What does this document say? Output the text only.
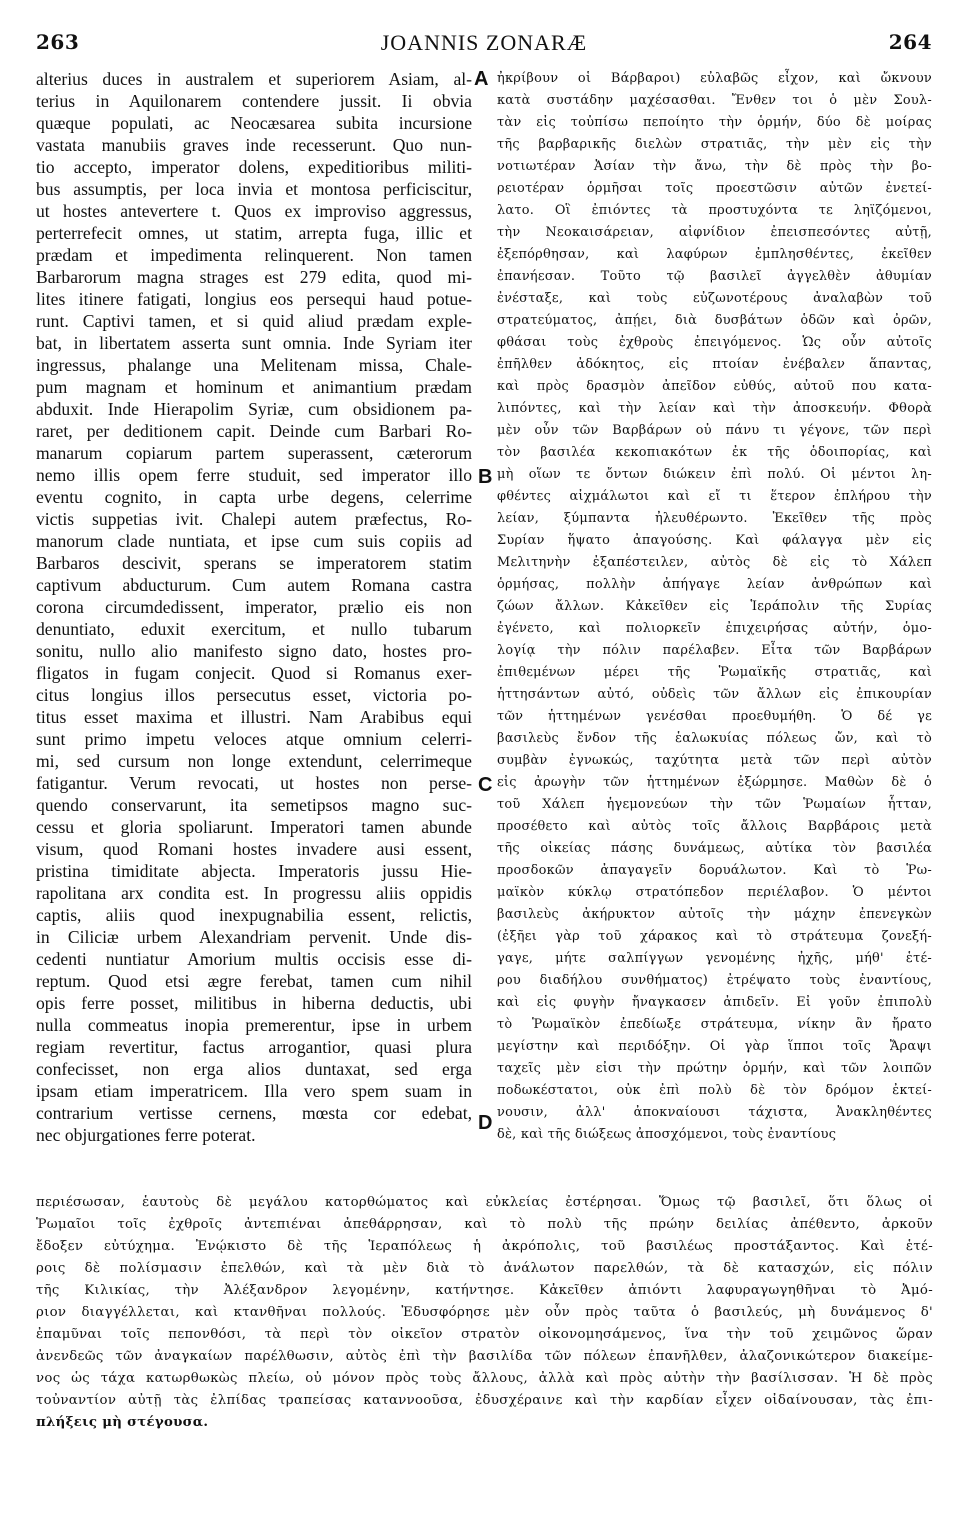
263	JOANNIS ZONARÆ	264
alterius duces in australem et superiorem Asiam, al-
terius in Aquilonarem contendere jussit. Ii obvia
quæque populati, ac Neocæsarea subita incursione
vastata manubiis graves inde recesserunt. Quo nun-
tio accepto, imperator dolens, expeditioribus militi-
bus assumptis, per loca invia et montosa perficiscitur,
ut hostes antevertere t. Quos ex improviso aggressus,
perterrefecit omnes, ut statim, arrepta fuga, illic et
prædam et impedimenta relinquerent. Non tamen
Barbarorum magna strages est 279 edita, quod mi-
lites itinere fatigati, longius eos persequi haud potue-
runt. Captivi tamen, et si quid aliud prædam explе-
bat, in libertatem asserta sunt omnia. Inde Syriam iter
ingressus, phalange una Melitenam missa, Chale-
pum magnam et hominum et animantium prædam
abduxit. Inde Hierapolim Syriæ, cum obsidionem pa-
raret, per deditionem capit. Deinde cum Barbari Ro-
manarum copiarum partem superassent, cæterorum
nemo illis opem ferre studuit, sed imperator illo
eventu cognito, in capta urbe degens, celerrime
victis suppetias ivit. Chalepi autem præfectus, Ro-
manorum clade nuntiata, et ipse cum suis copiis ad
Barbaros descivit, sperans se imperatorem statim
captivum abducturum. Cum autem Romana castra
corona circumdedissent, imperator, prælio eis non
denuntiato, eduxit exercitum, et nullo tubarum
sonitu, nullo alio manifesto signo dato, hostes pro-
fligatos in fugam conjecit. Quod si Romanus exer-
citus longius illos persecutus esset, victoria po-
titus esset maxima et illustri. Nam Arabibus equi
sunt primo impetu veloces atque omnium celerri-
mi, sed cursum non longe extendunt, celerrimeque
fatigantur. Verum revocati, ut hostes non perse-
quendo conservarunt, ita semetipsos magno suc-
cessu et gloria spoliarunt. Imperatori tamen abunde
visum, quod Romani hostes invadere ausi essent,
pristina timiditate abjecta. Imperatoris jussu Hie-
rapolitana arx condita est. In progressu aliis oppidis
captis, aliis quod inexpugnabilia essent, relictis,
in Ciliciæ urbem Alexandriam pervenit. Unde dis-
cedenti nuntiatur Amorium multis occisis esse di-
reptum. Quod etsi ægre ferebat, tamen cum nihil
opis ferre posset, militibus in hiberna deductis, ubi
nulla commeatus inopia premerentur, ipse in urbem
regiam revertitur, factus arrogantior, quasi plura
confecisset, non erga alios duntaxat, sed erga
ipsam etiam imperatricem. Illa vero spem suam in
contrarium vertisse cernens, mœsta cor edebat,
nec objurgationes ferre poterat.
ἠκρίβουν οἱ Βάρβαροι) εὐλαβῶς εἶχον, καὶ ὤκνουν
κατὰ συστάδην μαχέσασθαι. Ἔνθεν τοι ὁ μὲν Σουλ-
τὰν εἰς τοὐπίσω πεποίητο τὴν ὁρμήν, δύο δὲ μοίρας
τῆς βαρβαρικῆς διελὼν στρατιᾶς, τὴν μὲν εἰς τὴν
νοτιωτέραν Ἀσίαν τὴν ἄνω, τὴν δὲ πρὸς τὴν βο-
ρειοτέραν ὁρμῆσαι τοῖς προεστῶσιν αὐτῶν ἐνετεί-
λατο. Οἳ ἐπιόντες τὰ προστυχόντα τε ληϊζόμενοι,
τὴν Νεοκαισάρειαν, αἰφνίδιον ἐπεισπεσόντες αὐτῇ,
ἐξεπόρθησαν, καὶ λαφύρων ἐμπλησθέντες, ἐκεῖθεν
ἐπανήεσαν. Τοῦτο τῷ βασιλεῖ ἀγγελθὲν ἀθυμίαν
ἐνέσταξε, καὶ τοὺς εὐζωνοτέρους ἀναλαβὼν τοῦ
στρατεύματος, ἀπῄει, διὰ δυσβάτων ὁδῶν καὶ ὀρῶν,
φθάσαι τοὺς ἐχθροὺς ἐπειγόμενος. Ὡς οὖν αὐτοῖς
ἐπῆλθεν ἀδόκητος, εἰς πτοίαν ἐνέβαλεν ἅπαντας,
καὶ πρὸς δρασμὸν ἀπεῖδον εὐθύς, αὐτοῦ που κατα-
λιπόντες, καὶ τὴν λείαν καὶ τὴν ἀποσκευήν. Φθορὰ
μὲν οὖν τῶν Βαρβάρων οὐ πάνυ τι γέγονε, τῶν περὶ
τὸν βασιλέα κεκοπιακότων ἐκ τῆς ὁδοιπορίας, καὶ
μὴ οἵων τε ὄντων διώκειν ἐπὶ πολύ. Οἱ μέντοι λη-
φθέντες αἰχμάλωτοι καὶ εἴ τι ἕτερον ἐπλήρου τὴν
λείαν, ξύμπαντα ἠλευθέρωντο. Ἐκεῖθεν τῆς πρὸς
Συρίαν ἥψατο ἀπαγούσης. Καὶ φάλαγγα μὲν εἰς
Μελιτηνὴν ἐξαπέστειλεν, αὐτὸς δὲ εἰς τὸ Χάλεπ
ὁρμήσας, πολλὴν ἀπήγαγε λείαν ἀνθρώπων καὶ
ζώων ἄλλων. Κἀκεῖθεν εἰς Ἱεράπολιν τῆς Συρίας
ἐγένετο, καὶ πολιορκεῖν ἐπιχειρήσας αὐτήν, ὁμο-
λογίᾳ τὴν πόλιν παρέλαβεν. Εἶτα τῶν Βαρβάρων
ἐπιθεμένων μέρει τῆς Ῥωμαϊκῆς στρατιᾶς, καὶ
ἡττησάντων αὐτό, οὐδεὶς τῶν ἄλλων εἰς ἐπικουρίαν
τῶν ἡττημένων γενέσθαι προεθυμήθη. Ὁ δέ γε
βασιλεὺς ἔνδον τῆς ἑαλωκυίας πόλεως ὤν, καὶ τὸ
συμβὰν ἐγνωκώς, ταχύτητα μετὰ τῶν περὶ αὐτὸν
εἰς ἀρωγὴν τῶν ἡττημένων ἐξώρμησε. Μαθὼν δὲ ὁ
τοῦ Χάλεπ ἡγεμονεύων τὴν τῶν Ῥωμαίων ἧτταν,
προσέθετο καὶ αὐτὸς τοῖς ἄλλοις Βαρβάροις μετὰ
τῆς οἰκείας πάσης δυνάμεως, αὐτίκα τὸν βασιλέα
προσδοκῶν ἀπαγαγεῖν δορυάλωτον. Καὶ τὸ Ῥω-
μαϊκὸν κύκλῳ στρατόπεδον περιέλαβον. Ὁ μέντοι
βασιλεὺς ἀκήρυκτον αὐτοῖς τὴν μάχην ἐπενεγκὼν
(ἐξῆει γὰρ τοῦ χάρακος καὶ τὸ στράτευμα ζονεξή-
γαγε, μήτε σαλπίγγων γενομένης ἠχῆς, μήθ' ἑτέ-
ρου διαδήλου συνθήματος) ἐτρέψατο τοὺς ἐναντίους,
καὶ εἰς φυγὴν ἤναγκασεν ἀπιδεῖν. Εἰ γοῦν ἐπιπολὺ
τὸ Ῥωμαϊκὸν ἐπεδίωξε στράτευμα, νίκην ἂν ἤρατο
μεγίστην καὶ περιδόξην. Οἱ γὰρ ἵπποι τοῖς Ἄραψι
ταχεῖς μὲν εἰσι τὴν πρώτην ὁρμήν, καὶ τῶν λοιπῶν
ποδωκέστατοι, οὐκ ἐπὶ πολὺ δὲ τὸν δρόμον ἐκτεί-
νουσιν, ἀλλ' ἀποκναίουσι τάχιστα, Ἀνακληθέντες
δὲ, καὶ τῆς διώξεως ἀποσχόμενοι, τοὺς ἐναντίους
A
B
C
D
περιέσωσαν, ἑαυτοὺς δὲ μεγάλου κατορθώματος καὶ εὐκλείας ἐστέρησαι. Ὅμως τῷ βασιλεῖ, ὅτι ὅλως οἱ
Ῥωμαῖοι τοῖς ἐχθροῖς ἀντεπιέναι ἀπεθάρρησαν, καὶ τὸ πολὺ τῆς πρώην δειλίας ἀπέθεντο, ἀρκοῦν
ἔδοξεν εὐτύχημα. Ἐνῴκιστο δὲ τῆς Ἱεραπόλεως ἡ ἀκρόπολις, τοῦ βασιλέως προστάξαντος. Καὶ ἑτέ-
ροις δὲ πολίσμασιν ἐπελθών, καὶ τὰ μὲν διὰ τὸ ἀνάλωτον παρελθών, τὰ δὲ κατασχών, εἰς πόλιν
τῆς Κιλικίας, τὴν Ἀλέξανδρον λεγομένην, κατήντησε. Κἀκεῖθεν ἀπιόντι λαφυραγωγηθῆναι τὸ Ἀμό-
ριον διαγγέλλεται, καὶ κτανθῆναι πολλούς. Ἐδυσφόρησε μὲν οὖν πρὸς ταῦτα ὁ βασιλεύς, μὴ δυνάμενος δ'
ἐπαμῦναι τοῖς πεπονθόσι, τὰ περὶ τὸν οἰκεῖον στρατὸν οἰκονομησάμενος, ἵνα τὴν τοῦ χειμῶνος ὥραν
ἀνενδεῶς τῶν ἀναγκαίων παρέλθωσιν, αὐτὸς ἐπὶ τὴν βασιλίδα τῶν πόλεων ἐπανῆλθεν, ἀλαζονικώτερον διακείμε-
νος ὡς τάχα κατωρθωκὼς πλείω, οὐ μόνον πρὸς τοὺς ἄλλους, ἀλλὰ καὶ πρὸς αὐτὴν τὴν βασίλισσαν. Ἡ δὲ πρὸς
τοὐναντίον αὐτῇ τὰς ἐλπίδας τραπείσας καταννοοῦσα, ἐδυσχέραινε καὶ τὴν καρδίαν εἶχεν οἰδαίνουσαν, τὰς ἐπι-
πλήξεις μὴ στέγουσα.
